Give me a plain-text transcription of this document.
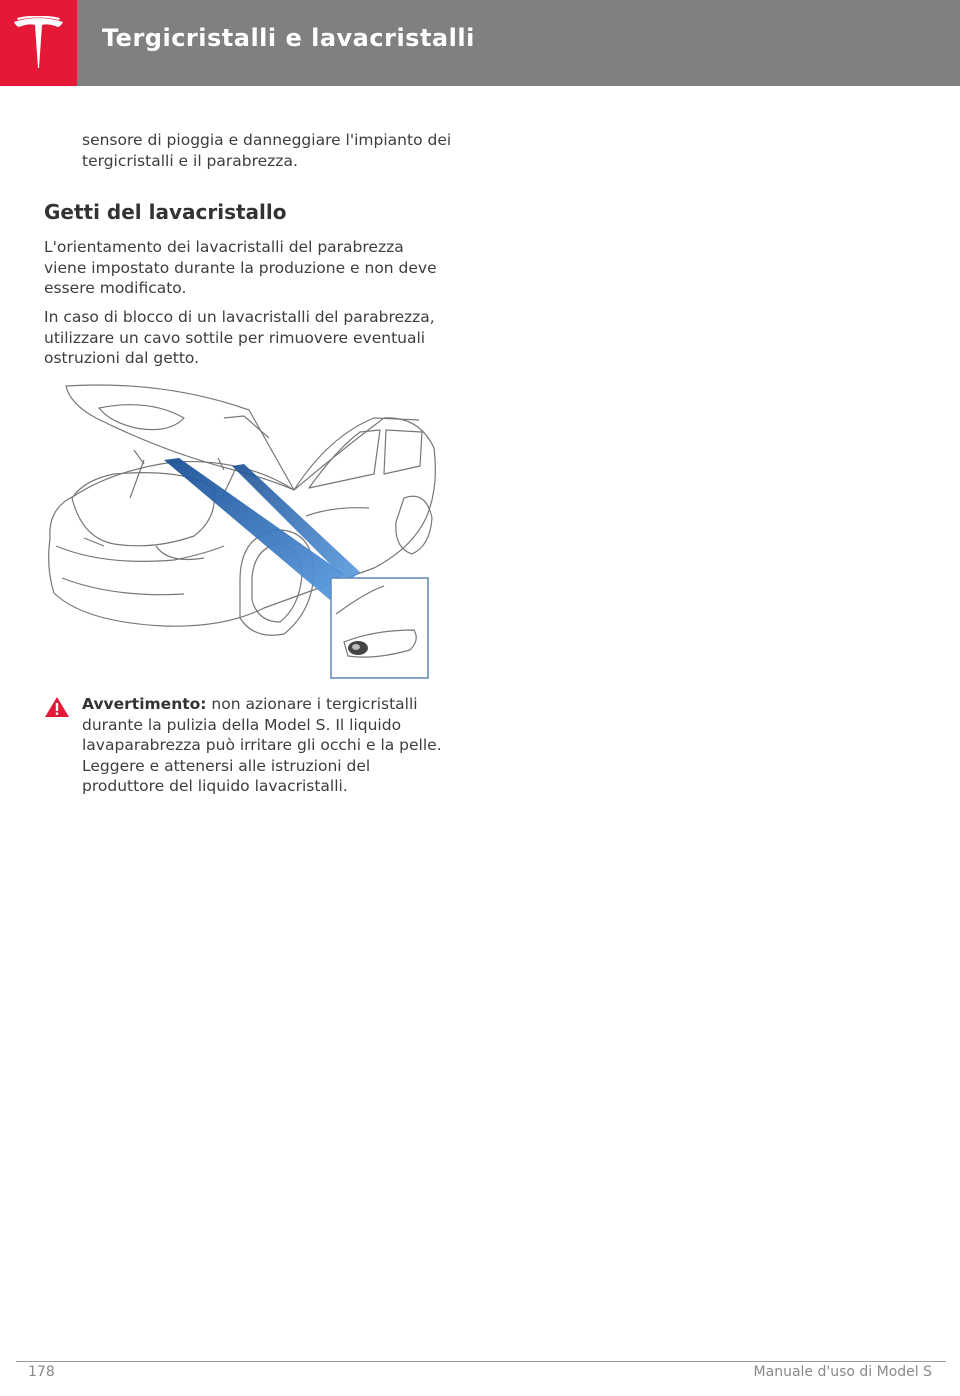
Tergicristalli e lavacristalli

sensore di pioggia e danneggiare l'impianto dei tergicristalli e il parabrezza.

Getti del lavacristallo

L'orientamento dei lavacristalli del parabrezza viene impostato durante la produzione e non deve essere modificato.

In caso di blocco di un lavacristalli del parabrezza, utilizzare un cavo sottile per rimuovere eventuali ostruzioni dal getto.

Avvertimento: non azionare i tergicristalli durante la pulizia della Model S. Il liquido lavaparabrezza può irritare gli occhi e la pelle. Leggere e attenersi alle istruzioni del produttore del liquido lavacristalli.

178	Manuale d'uso di Model S
